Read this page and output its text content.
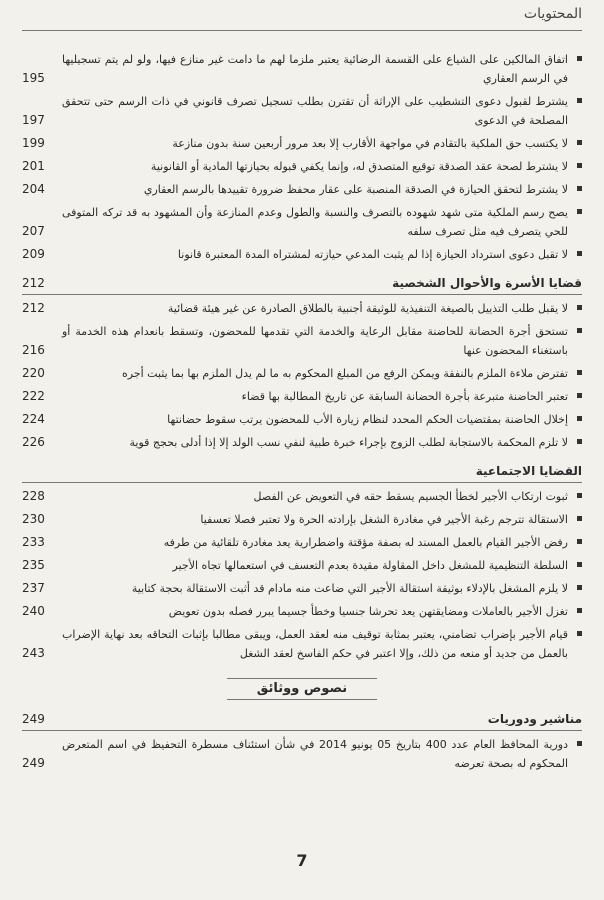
المحتويات
اتفاق المالكين على الشياع على القسمة الرضائية يعتبر ملزما لهم ما دامت غير منازع فيها، ولو لم يتم تسجيليها في الرسم العقاري
195
يشترط لقبول دعوى التشطيب على الإراثة أن تقترن بطلب تسجيل تصرف قانوني في ذات الرسم حتى تتحقق المصلحة في الدعوى
197
لا يكتسب حق الملكية بالتقادم في مواجهة الأقارب إلا بعد مرور أربعين سنة بدون منازعة
199
لا يشترط لصحة عقد الصدقة توقيع المتصدق له، وإنما يكفي قبوله بحيازتها المادية أو القانونية
201
لا يشترط لتحقق الحيازة في الصدقة المنصبة على عقار محفظ ضرورة تقييدها بالرسم العقاري
204
يصح رسم الملكية متى شهد شهوده بالتصرف والنسبة والطول وعدم المنازعة وأن المشهود به قد تركه المتوفى للحي يتصرف فيه مثل تصرف سلفه
207
لا تقبل دعوى استرداد الحيازة إذا لم يثبت المدعي حيازته لمشتراه المدة المعتبرة قانونا
209
قضايا الأسرة والأحوال الشخصية
212
لا يقبل طلب التذييل بالصيغة التنفيذية للوثيقة أجنبية بالطلاق الصادرة عن غير هيئة قضائية
212
تستحق أجرة الحضانة للحاضنة مقابل الرعاية والخدمة التي تقدمها للمحضون، وتسقط بانعدام هذه الخدمة أو باستغناء المحضون عنها
216
تفترض ملاءة الملزم بالنفقة ويمكن الرفع من المبلغ المحكوم به ما لم يدل الملزم بها بما يثبت أجره
220
تعتبر الحاضنة متبرعة بأجرة الحضانة السابقة عن تاريخ المطالبة بها قضاء
222
إخلال الحاضنة بمقتضيات الحكم المحدد لنظام زيارة الأب للمحضون يرتب سقوط حضانتها
224
لا تلزم المحكمة بالاستجابة لطلب الزوج بإجراء خبرة طبية لنفي نسب الولد إلا إذا أدلى بحجج قوية
226
القضايا الاجتماعية
ثبوت ارتكاب الأجير لخطأ الجسيم يسقط حقه في التعويض عن الفصل
228
الاستقالة تترجم رغبة الأجير في مغادرة الشغل بإرادته الحرة ولا تعتبر فصلا تعسفيا
230
رفض الأجير القيام بالعمل المسند له بصفة مؤقتة واضطرارية يعد مغادرة تلقائية من طرفه
233
السلطة التنظيمية للمشغل داخل المقاولة مقيدة بعدم التعسف في استعمالها تجاه الأجير
235
لا يلزم المشغل بالإدلاء بوثيقة استقالة الأجير التي ضاعت منه مادام قد أثبت الاستقالة بحجة كتابية
237
تغزل الأجير بالعاملات ومضايقتهن يعد تحرشا جنسيا وخطأ جسيما يبرر فصله بدون تعويض
240
قيام الأجير بإضراب تضامني، يعتبر بمثابة توقيف منه لعقد العمل، ويبقى مطالبا بإثبات التحاقه بعد نهاية الإضراب بالعمل من جديد أو منعه من ذلك، وإلا اعتبر في حكم الفاسخ لعقد الشغل
243
نصوص ووثائق
مناشير ودوريات
249
دورية المحافظ العام عدد 400 بتاريخ 05 يونيو 2014 في شأن استئناف مسطرة التحفيظ في اسم المتعرض المحكوم له بصحة تعرضه
249
7
